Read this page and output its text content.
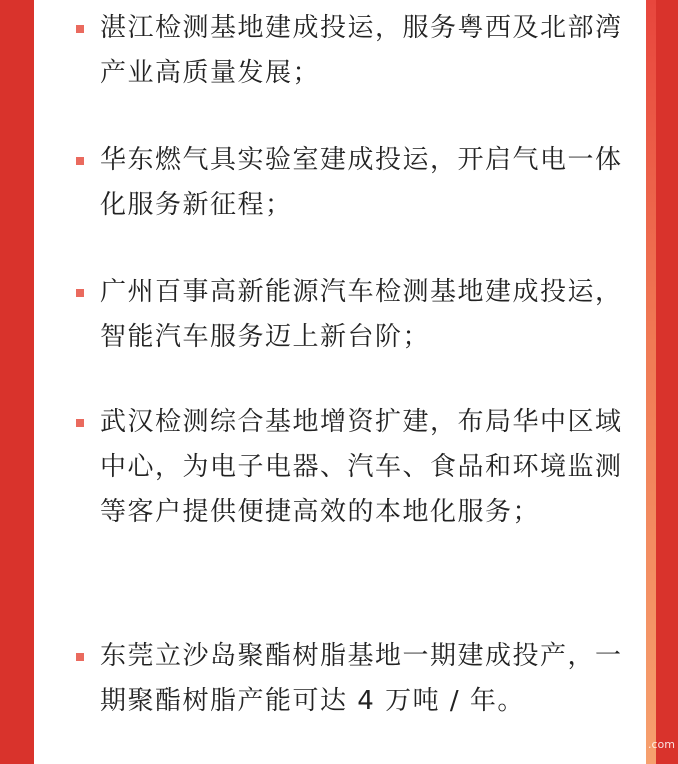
湛江检测基地建成投运，服务粤西及北部湾产业高质量发展；

华东燃气具实验室建成投运，开启气电一体化服务新征程；

广州百事高新能源汽车检测基地建成投运，智能汽车服务迈上新台阶；

武汉检测综合基地增资扩建，布局华中区域中心，为电子电器、汽车、食品和环境监测等客户提供便捷高效的本地化服务；

东莞立沙岛聚酯树脂基地一期建成投产，一期聚酯树脂产能可达 4 万吨 / 年。

.com
